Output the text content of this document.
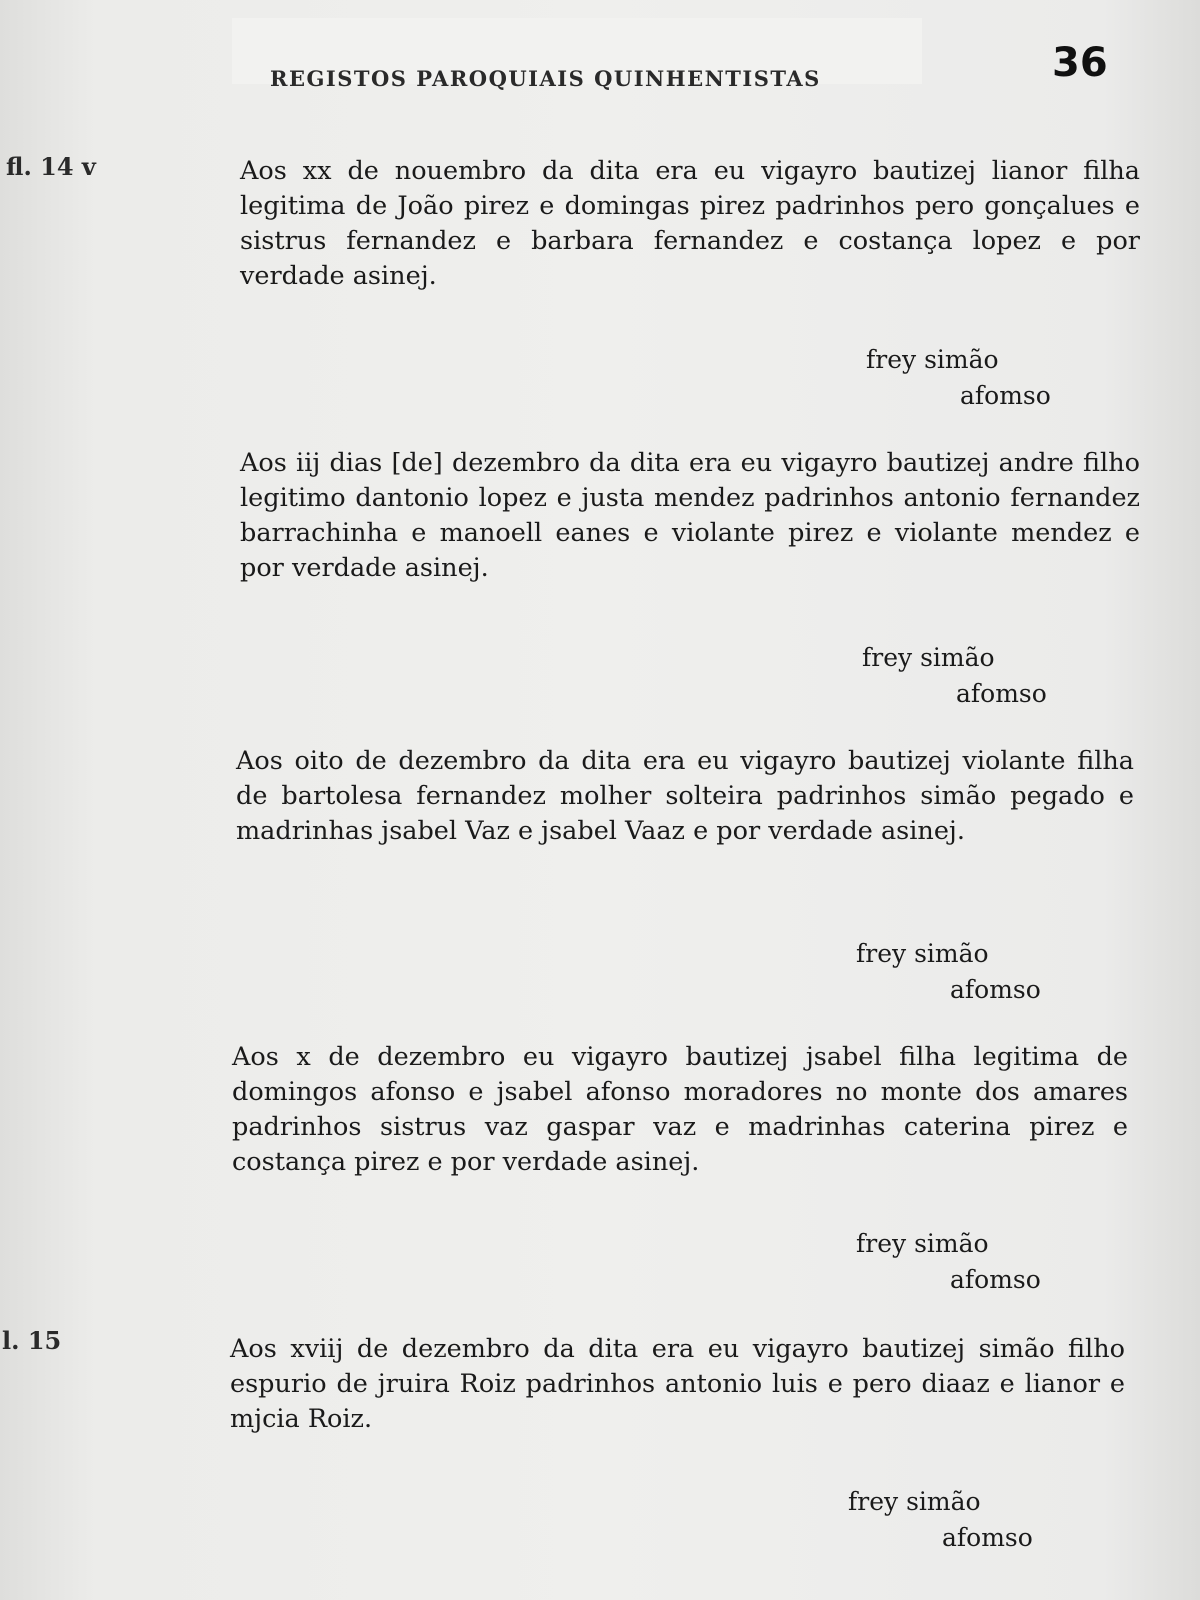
REGISTOS PAROQUIAIS QUINHENTISTAS	36
fl. 14 v
l. 15
Aos xx de nouembro da dita era eu vigayro bautizej lianor filha legitima de João pirez e domingas pirez padrinhos pero gonçalues e sistrus fernandez e barbara fernandez e costança lopez e por verdade asinej.
frey simão
afomso
Aos iij dias [de] dezembro da dita era eu vigayro bautizej andre filho legitimo dantonio lopez e justa mendez padrinhos antonio fernandez barrachinha e manoell eanes e violante pirez e violante mendez e por verdade asinej.
frey simão
afomso
Aos oito de dezembro da dita era eu vigayro bautizej violante filha de bartolesa fernandez molher solteira padrinhos simão pegado e madrinhas jsabel Vaz e jsabel Vaaz e por verdade asinej.
frey simão
afomso
Aos x de dezembro eu vigayro bautizej jsabel filha legitima de domingos afonso e jsabel afonso moradores no monte dos amares padrinhos sistrus vaz gaspar vaz e madrinhas caterina pirez e costança pirez e por verdade asinej.
frey simão
afomso
Aos xviij de dezembro da dita era eu vigayro bautizej simão filho espurio de jruira Roiz padrinhos antonio luis e pero diaaz e lianor e mjcia Roiz.
frey simão
afomso
